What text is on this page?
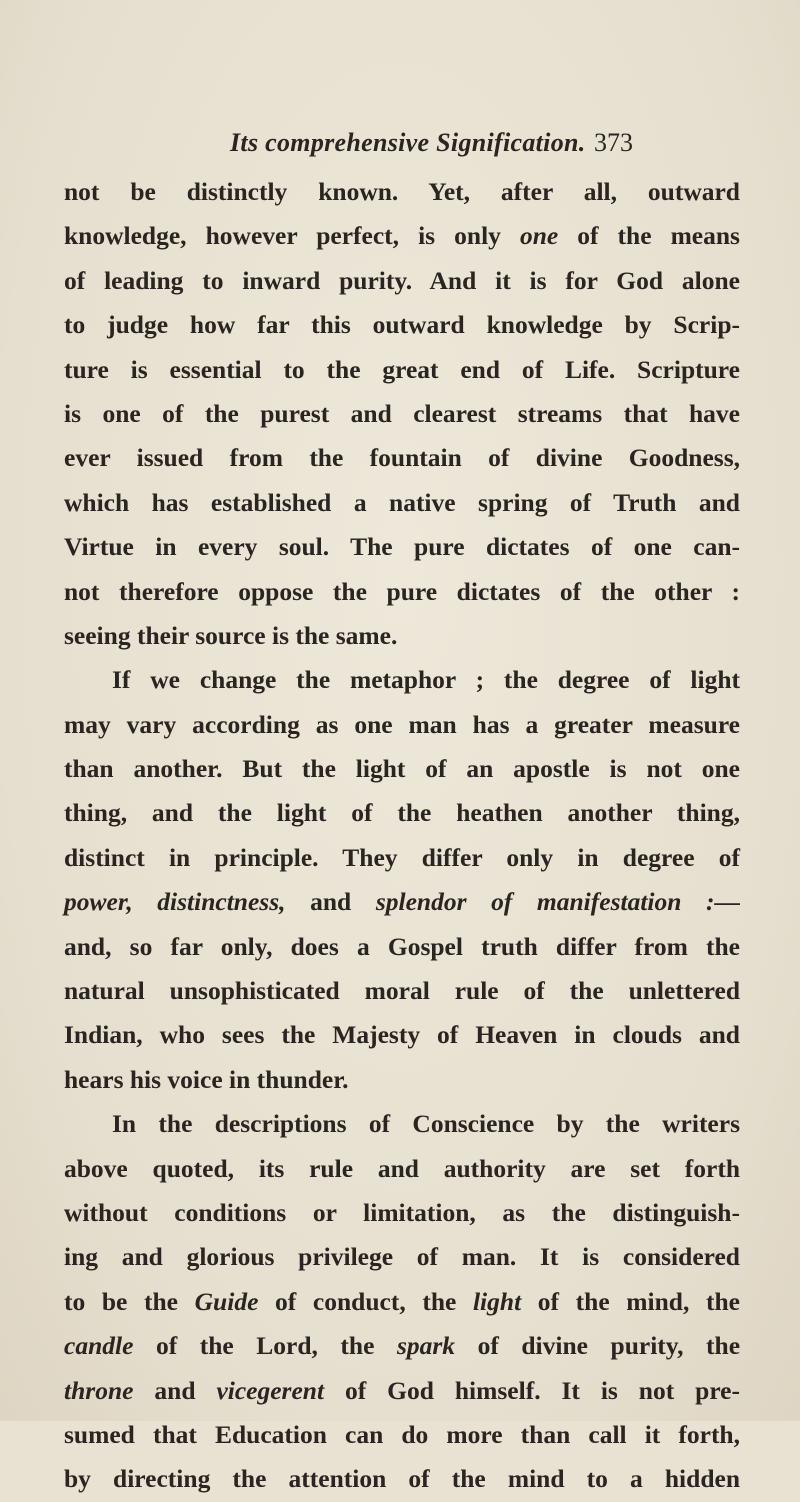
Its comprehensive Signification. 373
not be distinctly known. Yet, after all, outward
knowledge, however perfect, is only one of the means
of leading to inward purity. And it is for God alone
to judge how far this outward knowledge by Scrip-
ture is essential to the great end of Life. Scripture
is one of the purest and clearest streams that have
ever issued from the fountain of divine Goodness,
which has established a native spring of Truth and
Virtue in every soul. The pure dictates of one can-
not therefore oppose the pure dictates of the other :
seeing their source is the same.
If we change the metaphor ; the degree of light
may vary according as one man has a greater measure
than another. But the light of an apostle is not one
thing, and the light of the heathen another thing,
distinct in principle. They differ only in degree of
power, distinctness, and splendor of manifestation :—
and, so far only, does a Gospel truth differ from the
natural unsophisticated moral rule of the unlettered
Indian, who sees the Majesty of Heaven in clouds and
hears his voice in thunder.
In the descriptions of Conscience by the writers
above quoted, its rule and authority are set forth
without conditions or limitation, as the distinguish-
ing and glorious privilege of man. It is considered
to be the Guide of conduct, the light of the mind, the
candle of the Lord, the spark of divine purity, the
throne and vicegerent of God himself. It is not pre-
sumed that Education can do more than call it forth,
by directing the attention of the mind to a hidden
